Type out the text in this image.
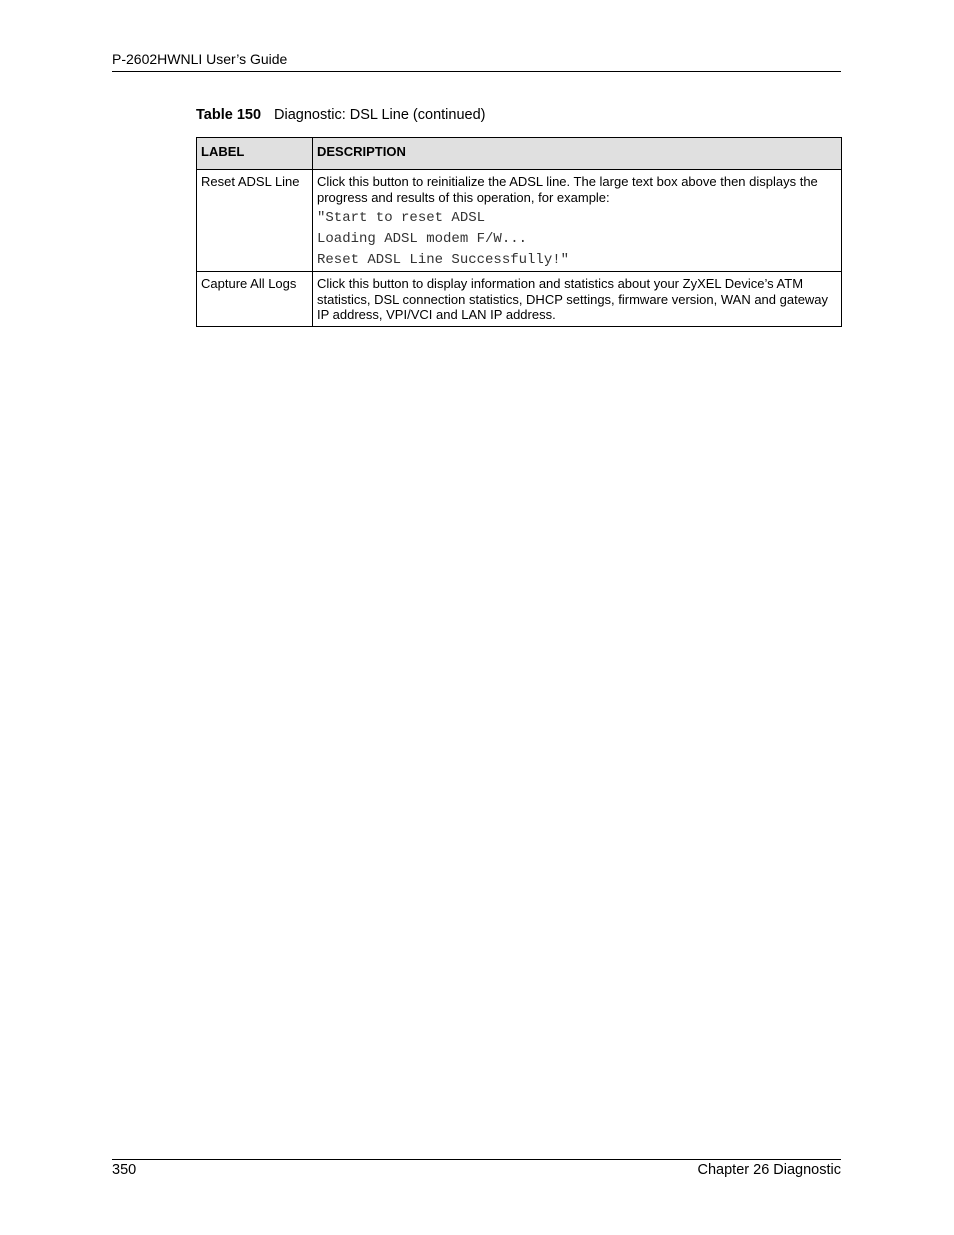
P-2602HWNLI User’s Guide
Table 150 Diagnostic: DSL Line (continued)
LABEL	DESCRIPTION
Reset ADSL Line	Click this button to reinitialize the ADSL line. The large text box above then displays the progress and results of this operation, for example:
"Start to reset ADSL
Loading ADSL modem F/W...
Reset ADSL Line Successfully!"

Capture All Logs	Click this button to display information and statistics about your ZyXEL Device’s ATM statistics, DSL connection statistics, DHCP settings, firmware version, WAN and gateway IP address, VPI/VCI and LAN IP address.
350	Chapter 26 Diagnostic
